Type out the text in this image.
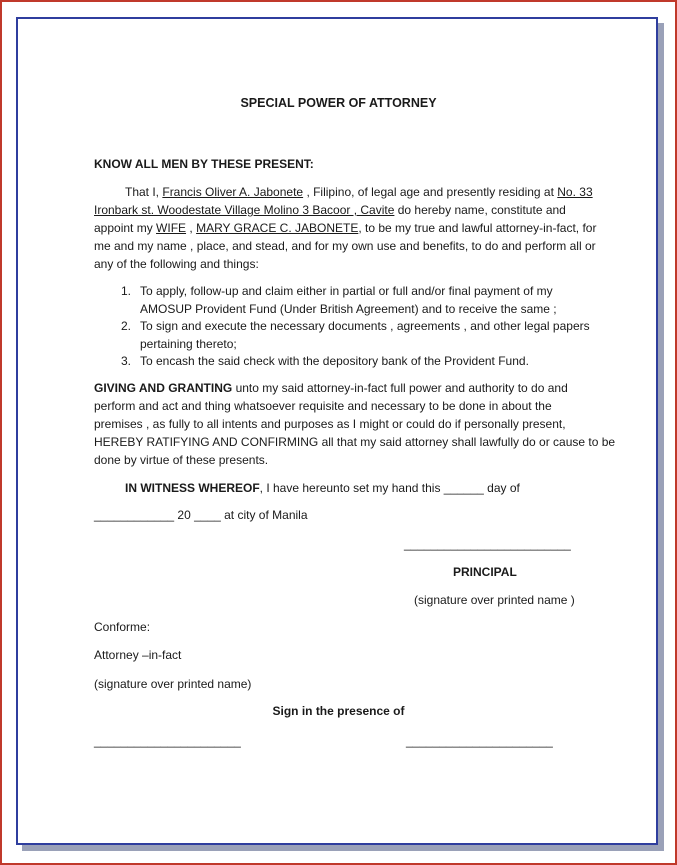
SPECIAL POWER OF ATTORNEY
KNOW ALL MEN BY THESE PRESENT:
That I, Francis Oliver A. Jabonete , Filipino, of legal age and presently residing at No. 33
Ironbark st. Woodestate Village Molino 3 Bacoor , Cavite do hereby name, constitute and
appoint my WIFE , MARY GRACE C. JABONETE, to be my true and lawful attorney-in-fact, for
me and my name , place, and stead, and for my own use and benefits, to do and perform all or
any of the following and things:
1. To apply, follow-up and claim either in partial or full and/or final payment of my
AMOSUP Provident Fund (Under British Agreement) and to receive the same ;
2. To sign and execute the necessary documents , agreements , and other legal papers
pertaining thereto;
3. To encash the said check with the depository bank of the Provident Fund.
GIVING AND GRANTING unto my said attorney-in-fact full power and authority to do and
perform and act and thing whatsoever requisite and necessary to be done in about the
premises , as fully to all intents and purposes as I might or could do if personally present,
HEREBY RATIFYING AND CONFIRMING all that my said attorney shall lawfully do or cause to be
done by virtue of these presents.
IN WITNESS WHEREOF, I have hereunto set my hand this ______ day of
____________ 20 ____ at city of Manila
_________________________
PRINCIPAL
(signature over printed name )
Conforme:
Attorney –in-fact
(signature over printed name)
Sign in the presence of
______________________	______________________
